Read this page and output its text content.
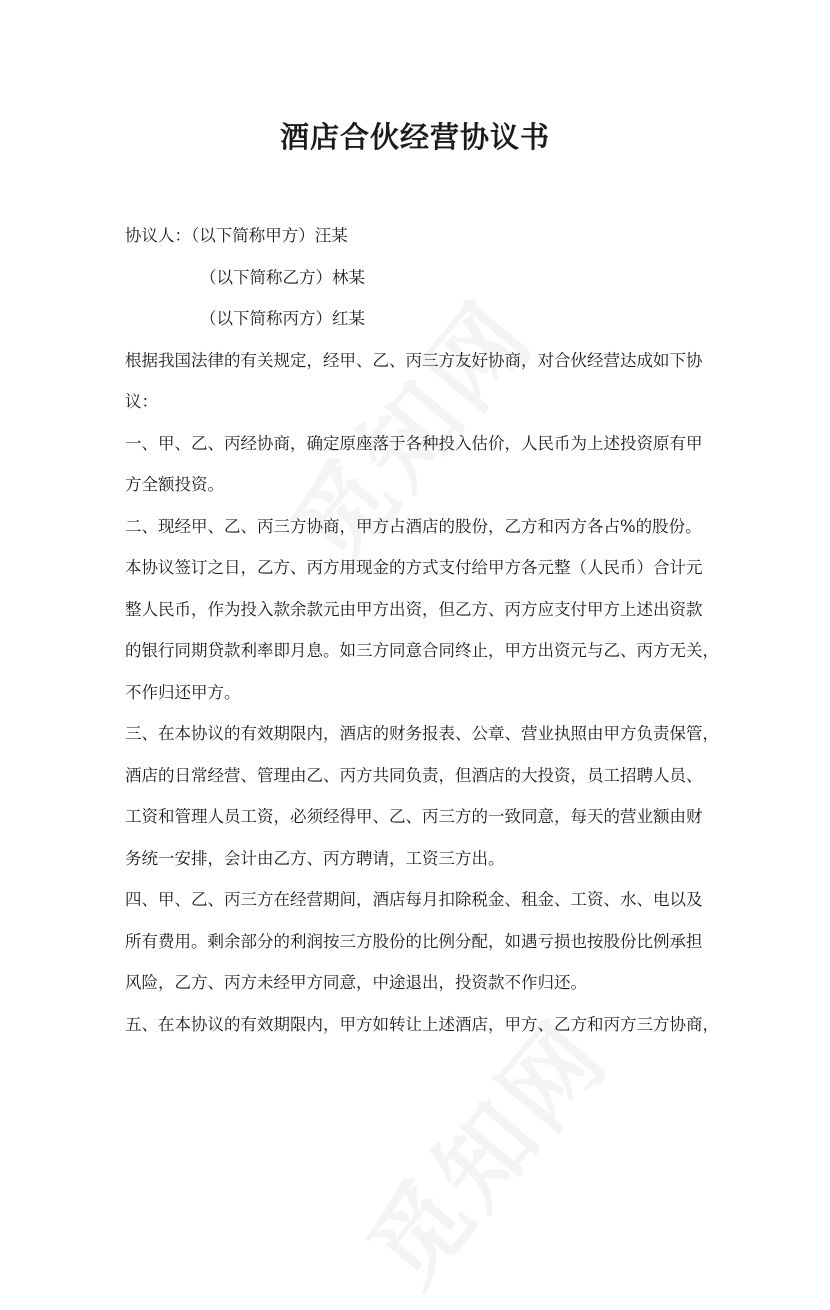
酒店合伙经营协议书
协议人：（以下简称甲方）汪某
（以下简称乙方）林某
（以下简称丙方）红某
根据我国法律的有关规定，经甲、乙、丙三方友好协商，对合伙经营达成如下协
议：
一、甲、乙、丙经协商，确定原座落于各种投入估价，人民币为上述投资原有甲
方全额投资。
二、现经甲、乙、丙三方协商，甲方占酒店的股份，乙方和丙方各占%的股份。
本协议签订之日，乙方、丙方用现金的方式支付给甲方各元整（人民币）合计元
整人民币，作为投入款余款元由甲方出资，但乙方、丙方应支付甲方上述出资款
的银行同期贷款利率即月息。如三方同意合同终止，甲方出资元与乙、丙方无关，
不作归还甲方。
三、在本协议的有效期限内，酒店的财务报表、公章、营业执照由甲方负责保管，
酒店的日常经营、管理由乙、丙方共同负责，但酒店的大投资，员工招聘人员、
工资和管理人员工资，必须经得甲、乙、丙三方的一致同意，每天的营业额由财
务统一安排，会计由乙方、丙方聘请，工资三方出。
四、甲、乙、丙三方在经营期间，酒店每月扣除税金、租金、工资、水、电以及
所有费用。剩余部分的利润按三方股份的比例分配，如遇亏损也按股份比例承担
风险，乙方、丙方未经甲方同意，中途退出，投资款不作归还。
五、在本协议的有效期限内，甲方如转让上述酒店，甲方、乙方和丙方三方协商，
